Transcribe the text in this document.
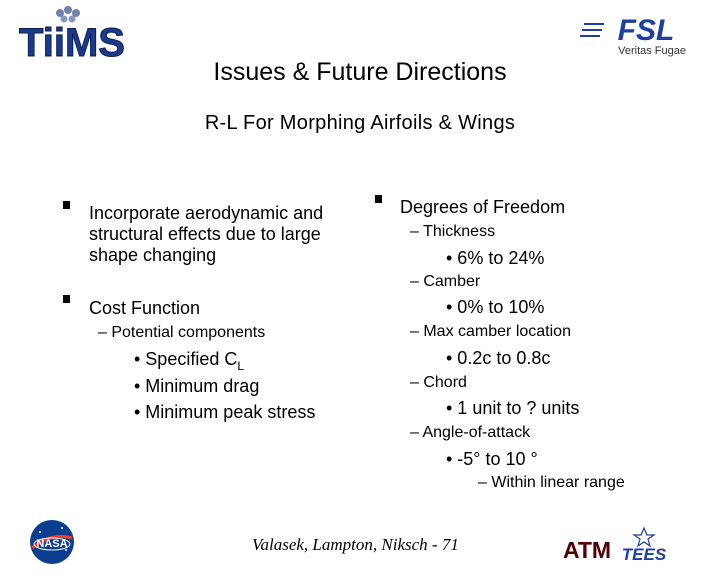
TiiMS	FSL
Veritas Fugae
Issues & Future Directions
R-L For Morphing Airfoils & Wings
Incorporate aerodynamic and
structural effects due to large
shape changing
Cost Function
– Potential components
• Specified $C_L$
• Minimum drag
• Minimum peak stress
Degrees of Freedom
– Thickness
• 6% to 24%
– Camber
• 0% to 10%
– Max camber location
• 0.2c to 0.8c
– Chord
• 1 unit to ? units
– Angle-of-attack
• -5° to 10 °
– Within linear range
NASA	Valasek, Lampton, Niksch - 71	ATM TEES
